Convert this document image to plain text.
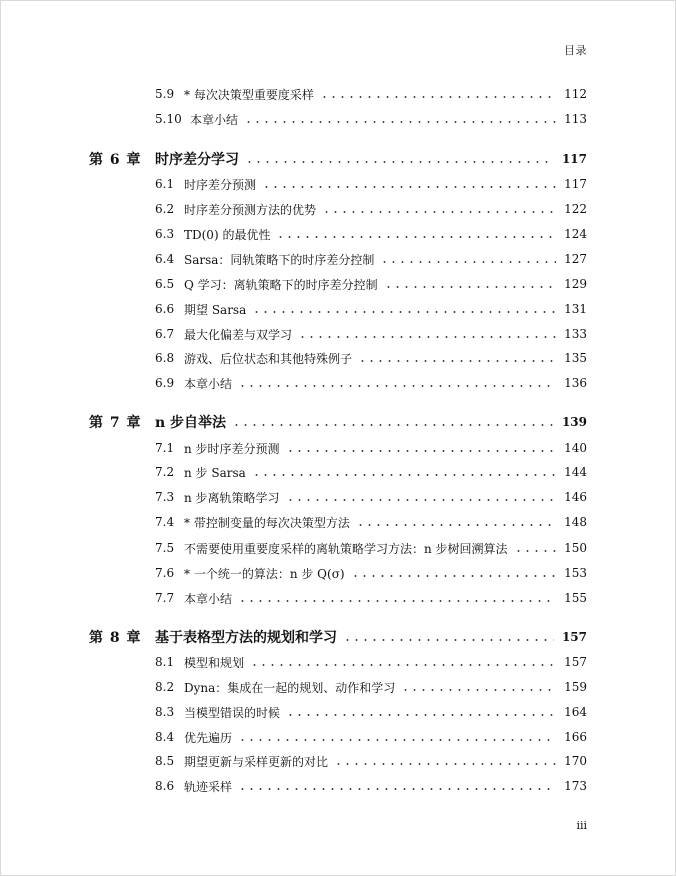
目录
5.9 * 每次决策型重要度采样	112
5.10 本章小结	113
第 6 章 时序差分学习	117
6.1 时序差分预测	117
6.2 时序差分预测方法的优势	122
6.3 TD(0) 的最优性	124
6.4 Sarsa：同轨策略下的时序差分控制	127
6.5 Q 学习：离轨策略下的时序差分控制	129
6.6 期望 Sarsa	131
6.7 最大化偏差与双学习	133
6.8 游戏、后位状态和其他特殊例子	135
6.9 本章小结	136
第 7 章 n 步自举法	139
7.1 n 步时序差分预测	140
7.2 n 步 Sarsa	144
7.3 n 步离轨策略学习	146
7.4 * 带控制变量的每次决策型方法	148
7.5 不需要使用重要度采样的离轨策略学习方法：n 步树回溯算法	150
7.6 * 一个统一的算法：n 步 Q(σ)	153
7.7 本章小结	155
第 8 章 基于表格型方法的规划和学习	157
8.1 模型和规划	157
8.2 Dyna：集成在一起的规划、动作和学习	159
8.3 当模型错误的时候	164
8.4 优先遍历	166
8.5 期望更新与采样更新的对比	170
8.6 轨迹采样	173
iii
